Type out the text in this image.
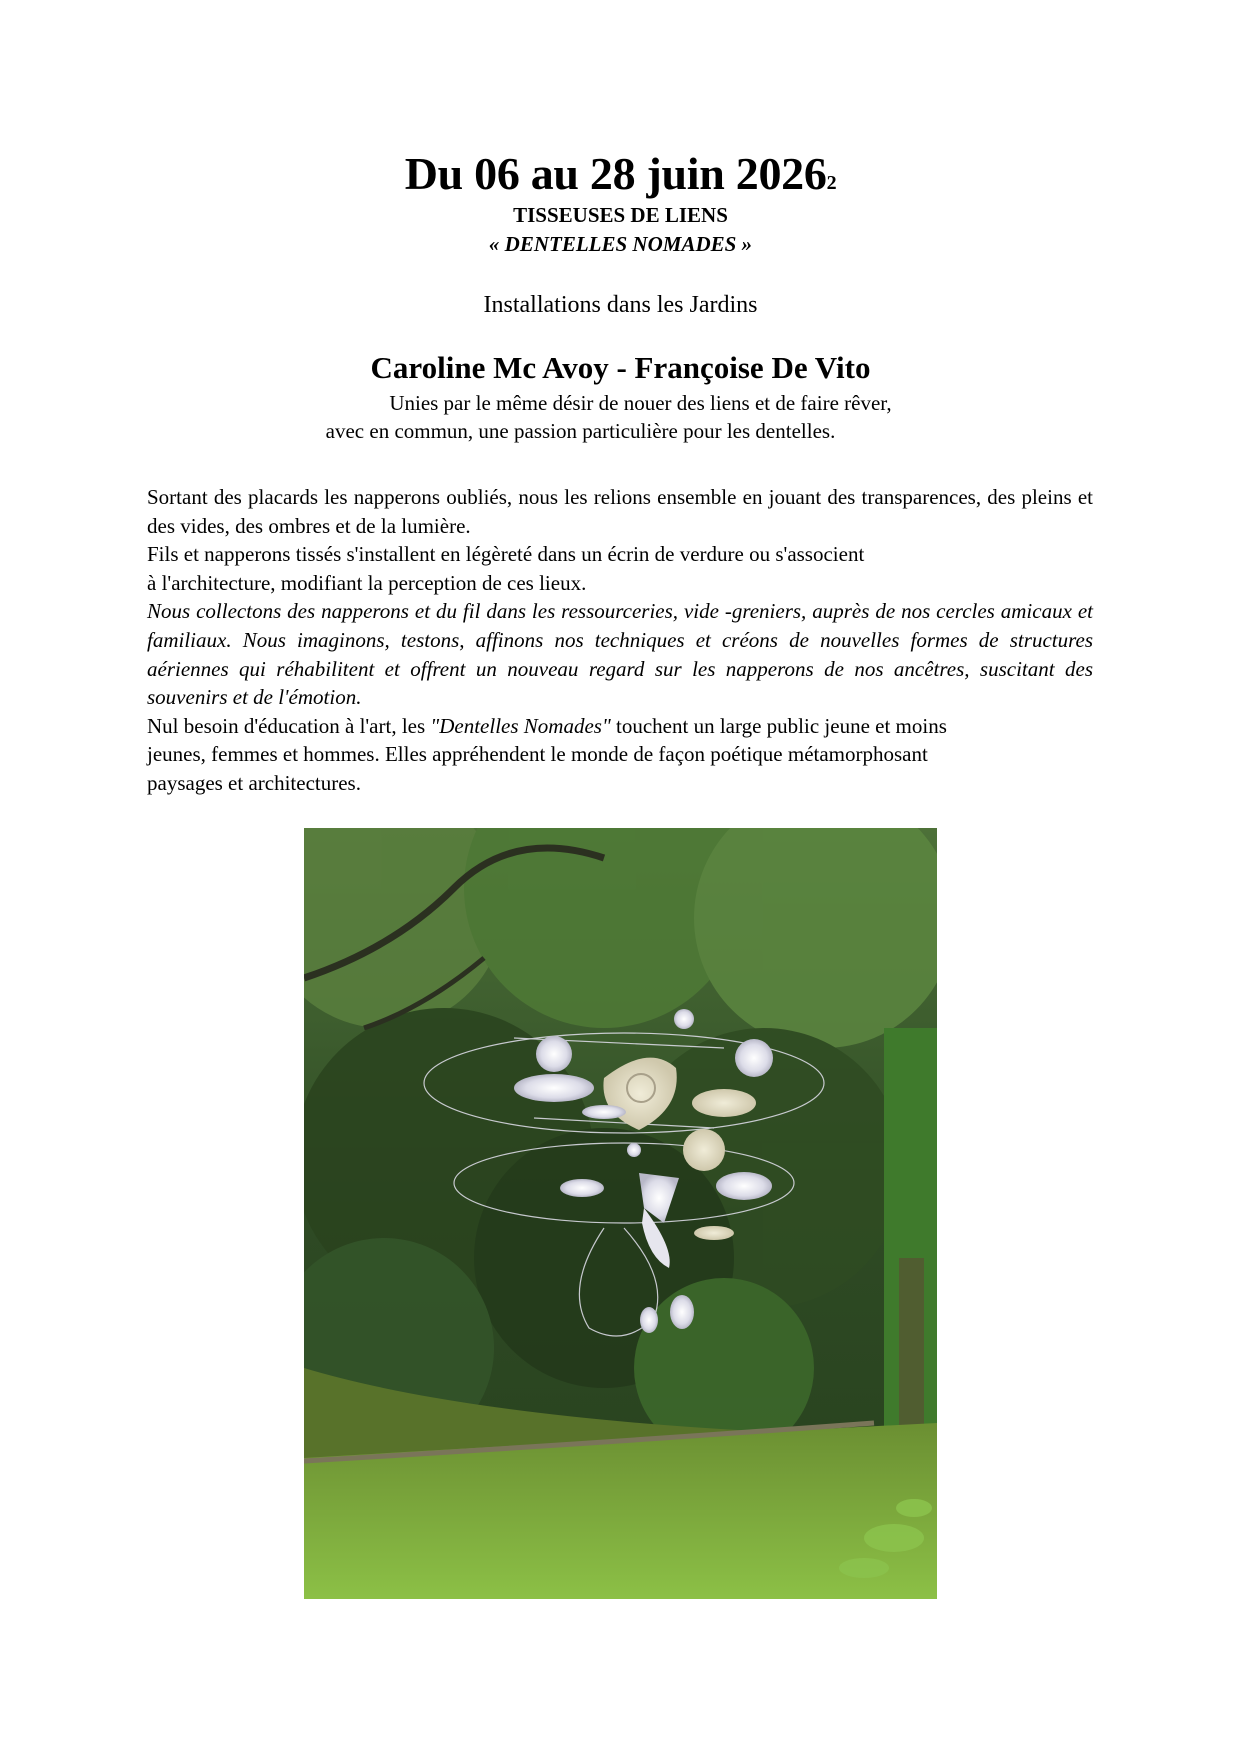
Du 06 au 28 juin 20262
TISSEUSES DE LIENS
« DENTELLES NOMADES »
Installations dans les Jardins
Caroline Mc Avoy - Françoise De Vito
Unies par le même désir de nouer des liens et de faire rêver,
avec en commun, une passion particulière pour les dentelles.

Sortant des placards les napperons oubliés, nous les relions ensemble en jouant des transparences, des pleins et des vides, des ombres et de la lumière.

Fils et napperons tissés s'installent en légèreté dans un écrin de verdure ou s'associent

à l'architecture, modifiant la perception de ces lieux.

Nous collectons des napperons et du fil dans les ressourceries, vide -greniers, auprès de nos cercles amicaux et familiaux. Nous imaginons, testons, affinons nos techniques et créons de nouvelles formes de structures aériennes qui réhabilitent et offrent un nouveau regard sur les napperons de nos ancêtres, suscitant des souvenirs et de l'émotion.

Nul besoin d'éducation à l'art, les "Dentelles Nomades" touchent un large public jeune et moins

jeunes, femmes et hommes. Elles appréhendent le monde de façon poétique métamorphosant

paysages et architectures.
